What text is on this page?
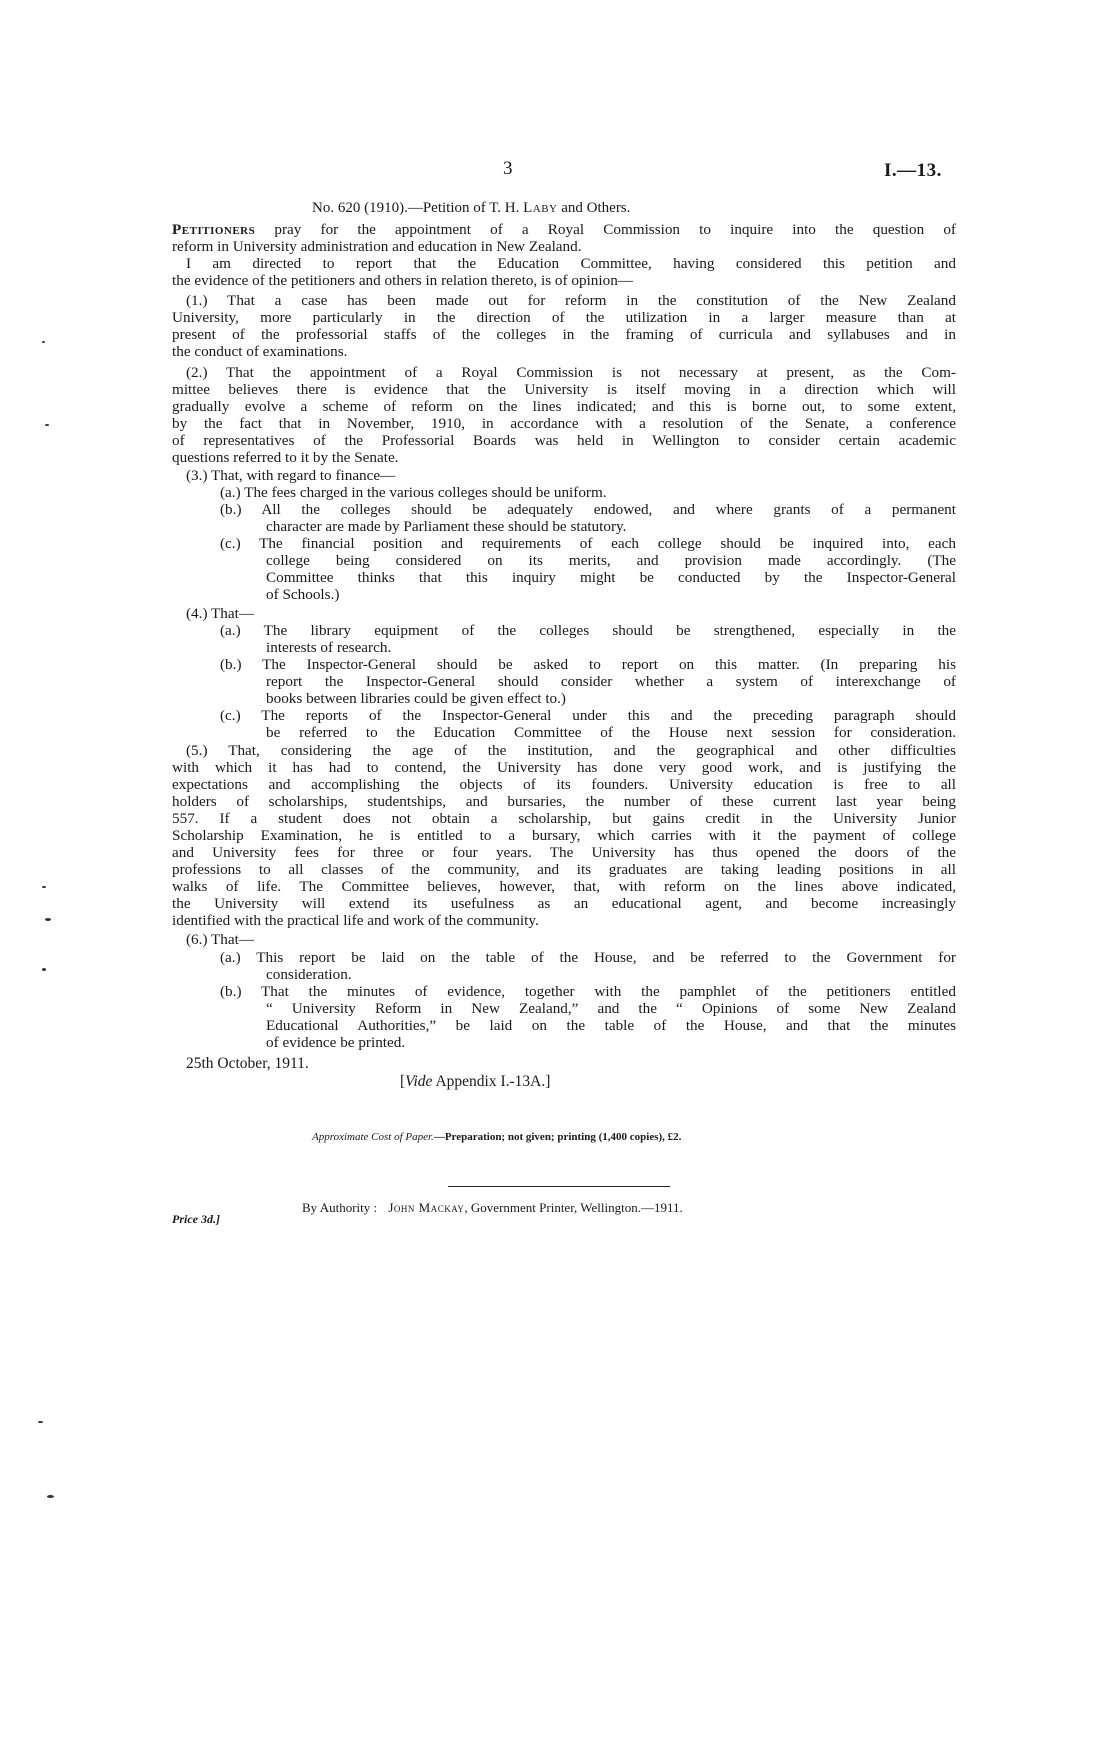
3	I.—13.
No. 620 (1910).—Petition of T. H. Laby and Others.
Petitioners pray for the appointment of a Royal Commission to inquire into the question of
reform in University administration and education in New Zealand.
I am directed to report that the Education Committee, having considered this petition and
the evidence of the petitioners and others in relation thereto, is of opinion—
(1.) That a case has been made out for reform in the constitution of the New Zealand
University, more particularly in the direction of the utilization in a larger measure than at
present of the professorial staffs of the colleges in the framing of curricula and syllabuses and in
the conduct of examinations.
(2.) That the appointment of a Royal Commission is not necessary at present, as the Com-
mittee believes there is evidence that the University is itself moving in a direction which will
gradually evolve a scheme of reform on the lines indicated; and this is borne out, to some extent,
by the fact that in November, 1910, in accordance with a resolution of the Senate, a conference
of representatives of the Professorial Boards was held in Wellington to consider certain academic
questions referred to it by the Senate.
(3.) That, with regard to finance—
(a.) The fees charged in the various colleges should be uniform.
(b.) All the colleges should be adequately endowed, and where grants of a permanent
character are made by Parliament these should be statutory.
(c.) The financial position and requirements of each college should be inquired into, each
college being considered on its merits, and provision made accordingly. (The
Committee thinks that this inquiry might be conducted by the Inspector-General
of Schools.)
(4.) That—
(a.) The library equipment of the colleges should be strengthened, especially in the
interests of research.
(b.) The Inspector-General should be asked to report on this matter. (In preparing his
report the Inspector-General should consider whether a system of interexchange of
books between libraries could be given effect to.)
(c.) The reports of the Inspector-General under this and the preceding paragraph should
be referred to the Education Committee of the House next session for consideration.
(5.) That, considering the age of the institution, and the geographical and other difficulties
with which it has had to contend, the University has done very good work, and is justifying the
expectations and accomplishing the objects of its founders. University education is free to all
holders of scholarships, studentships, and bursaries, the number of these current last year being
557. If a student does not obtain a scholarship, but gains credit in the University Junior
Scholarship Examination, he is entitled to a bursary, which carries with it the payment of college
and University fees for three or four years. The University has thus opened the doors of the
professions to all classes of the community, and its graduates are taking leading positions in all
walks of life. The Committee believes, however, that, with reform on the lines above indicated,
the University will extend its usefulness as an educational agent, and become increasingly
identified with the practical life and work of the community.
(6.) That—
(a.) This report be laid on the table of the House, and be referred to the Government for
consideration.
(b.) That the minutes of evidence, together with the pamphlet of the petitioners entitled
“ University Reform in New Zealand,” and the “ Opinions of some New Zealand
Educational Authorities,” be laid on the table of the House, and that the minutes
of evidence be printed.
25th October, 1911.
[Vide Appendix I.-13A.]
Approximate Cost of Paper.—Preparation; not given; printing (1,400 copies), £2.
By Authority : John Mackay, Government Printer, Wellington.—1911.
Price 3d.]
